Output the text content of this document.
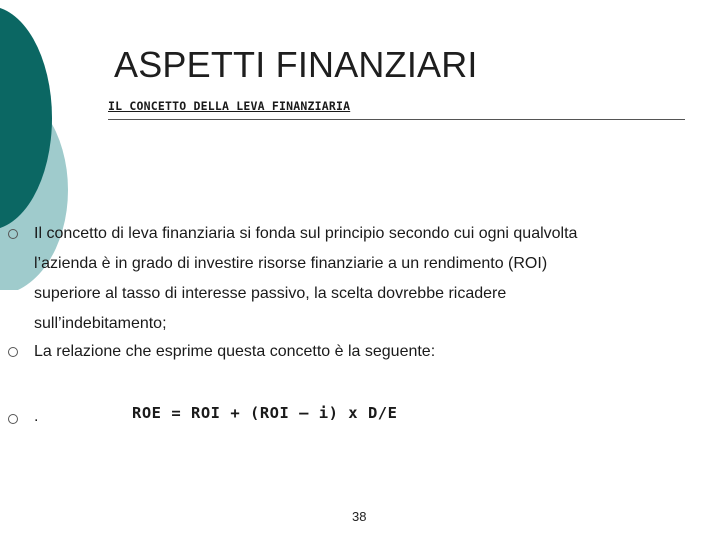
ASPETTI FINANZIARI
IL CONCETTO DELLA LEVA FINANZIARIA
Il concetto di leva finanziaria si fonda sul principio secondo cui ogni qualvolta
l’azienda è in grado di investire risorse finanziarie a un rendimento (ROI)
superiore al tasso di interesse passivo, la scelta dovrebbe ricadere
sull’indebitamento;
La relazione che esprime questa concetto è la seguente:
.	ROE = ROI + (ROI – i) x D/E
38
